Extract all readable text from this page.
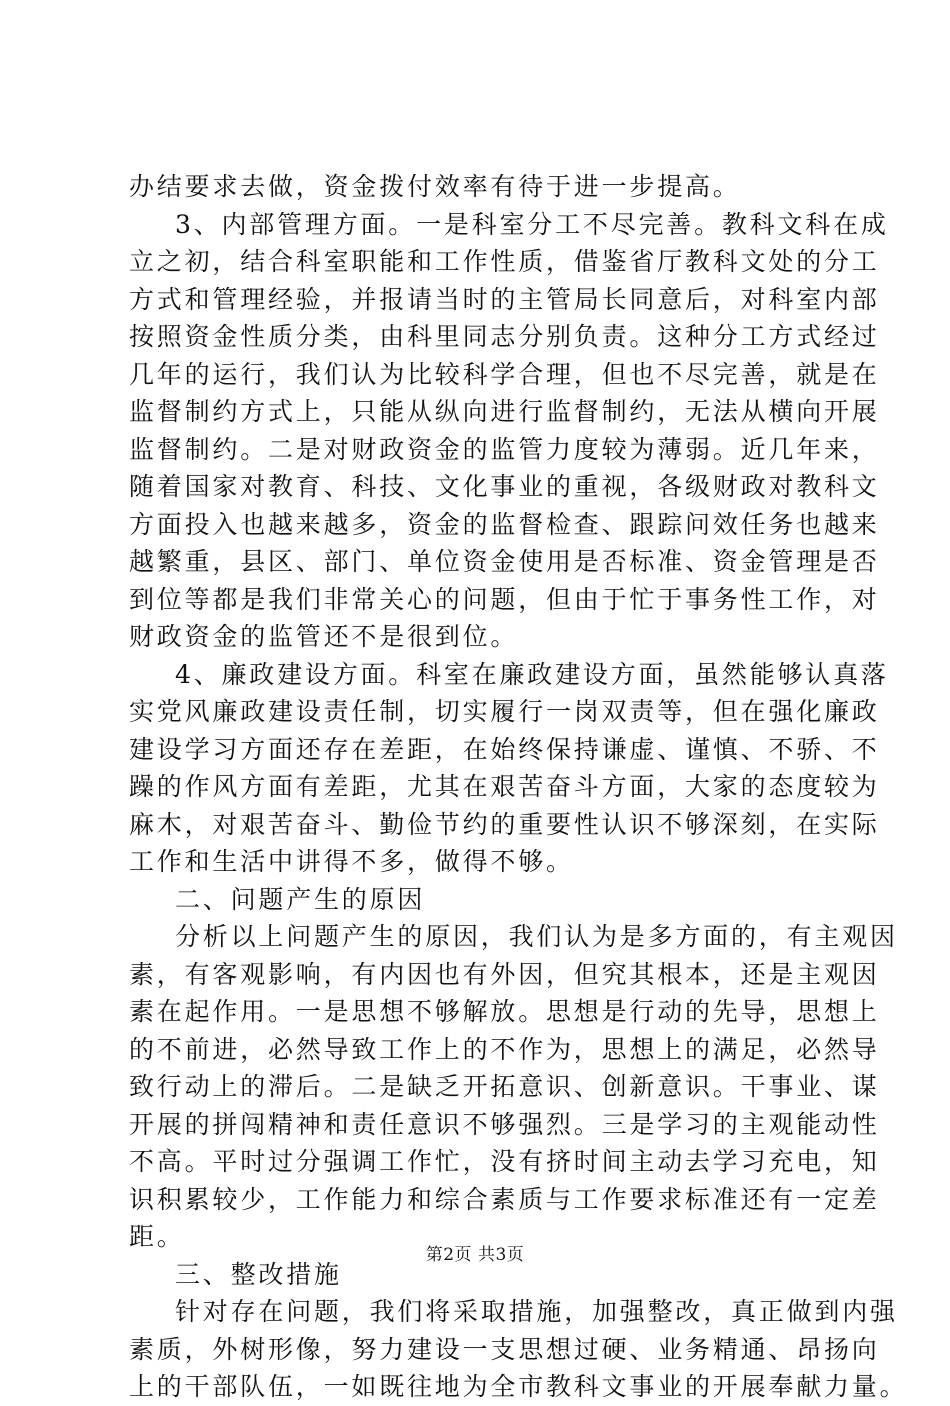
办结要求去做，资金拨付效率有待于进一步提高。
3、内部管理方面。一是科室分工不尽完善。教科文科在成
立之初，结合科室职能和工作性质，借鉴省厅教科文处的分工
方式和管理经验，并报请当时的主管局长同意后，对科室内部
按照资金性质分类，由科里同志分别负责。这种分工方式经过
几年的运行，我们认为比较科学合理，但也不尽完善，就是在
监督制约方式上，只能从纵向进行监督制约，无法从横向开展
监督制约。二是对财政资金的监管力度较为薄弱。近几年来，
随着国家对教育、科技、文化事业的重视，各级财政对教科文
方面投入也越来越多，资金的监督检查、跟踪问效任务也越来
越繁重，县区、部门、单位资金使用是否标准、资金管理是否
到位等都是我们非常关心的问题，但由于忙于事务性工作，对
财政资金的监管还不是很到位。
4、廉政建设方面。科室在廉政建设方面，虽然能够认真落
实党风廉政建设责任制，切实履行一岗双责等，但在强化廉政
建设学习方面还存在差距，在始终保持谦虚、谨慎、不骄、不
躁的作风方面有差距，尤其在艰苦奋斗方面，大家的态度较为
麻木，对艰苦奋斗、勤俭节约的重要性认识不够深刻，在实际
工作和生活中讲得不多，做得不够。
二、问题产生的原因
分析以上问题产生的原因，我们认为是多方面的，有主观因
素，有客观影响，有内因也有外因，但究其根本，还是主观因
素在起作用。一是思想不够解放。思想是行动的先导，思想上
的不前进，必然导致工作上的不作为，思想上的满足，必然导
致行动上的滞后。二是缺乏开拓意识、创新意识。干事业、谋
开展的拼闯精神和责任意识不够强烈。三是学习的主观能动性
不高。平时过分强调工作忙，没有挤时间主动去学习充电，知
识积累较少，工作能力和综合素质与工作要求标准还有一定差
距。
三、整改措施
针对存在问题，我们将采取措施，加强整改，真正做到内强
素质，外树形像，努力建设一支思想过硬、业务精通、昂扬向
上的干部队伍，一如既往地为全市教科文事业的开展奉献力量。
第2页 共3页
